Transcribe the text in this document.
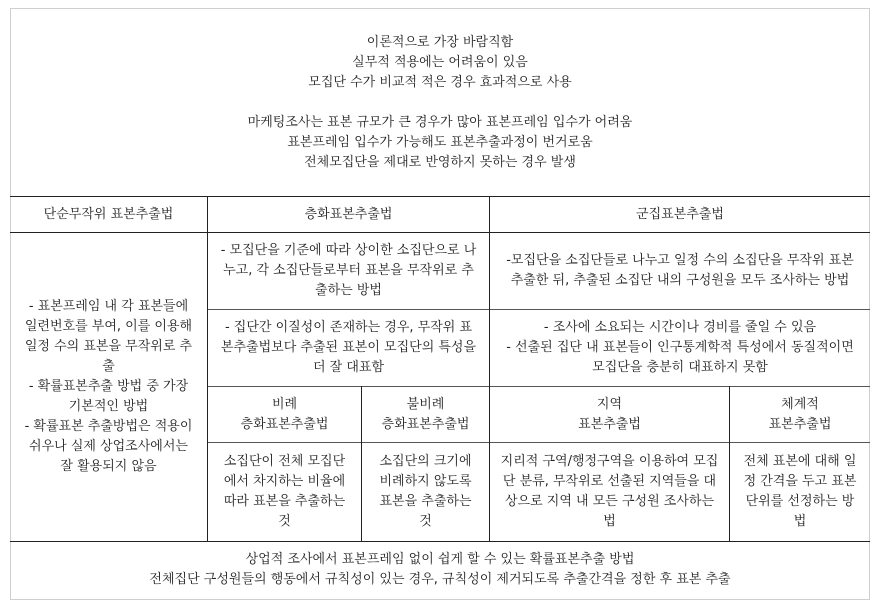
이론적으로 가장 바람직함
실무적 적용에는 어려움이 있음
모집단 수가 비교적 적은 경우 효과적으로 사용
마케팅조사는 표본 규모가 큰 경우가 많아 표본프레임 입수가 어려움
표본프레임 입수가 가능해도 표본추출과정이 번거로움
전체모집단을 제대로 반영하지 못하는 경우 발생
단순무작위 표본추출법	층화표본추출법	군집표본추출법
- 표본프레임 내 각 표본들에 일련번호를 부여, 이를 이용해 일정 수의 표본을 무작위로 추출
- 확률표본추출 방법 중 가장 기본적인 방법
- 확률표본 추출방법은 적용이 쉬우나 실제 상업조사에서는 잘 활용되지 않음
- 모집단을 기준에 따라 상이한 소집단으로 나누고, 각 소집단들로부터 표본을 무작위로 추출하는 방법
- 집단간 이질성이 존재하는 경우, 무작위 표본추출법보다 추출된 표본이 모집단의 특성을 더 잘 대표함
-모집단을 소집단들로 나누고 일정 수의 소집단을 무작위 표본추출한 뒤, 추출된 소집단 내의 구성원을 모두 조사하는 방법
- 조사에 소요되는 시간이나 경비를 줄일 수 있음
- 선출된 집단 내 표본들이 인구통계학적 특성에서 동질적이면 모집단을 충분히 대표하지 못함
비례
층화표본추출법
불비례
층화표본추출법
지역
표본추출법
체계적
표본추출법
소집단이 전체 모집단에서 차지하는 비율에 따라 표본을 추출하는 것
소집단의 크기에 비례하지 않도록 표본을 추출하는 것
지리적 구역/행정구역을 이용하여 모집단 분류, 무작위로 선출된 지역들을 대상으로 지역 내 모든 구성원 조사하는 법
전체 표본에 대해 일정 간격을 두고 표본단위를 선정하는 방법
상업적 조사에서 표본프레임 없이 쉽게 할 수 있는 확률표본추출 방법
전체집단 구성원들의 행동에서 규칙성이 있는 경우, 규칙성이 제거되도록 추출간격을 정한 후 표본 추출
